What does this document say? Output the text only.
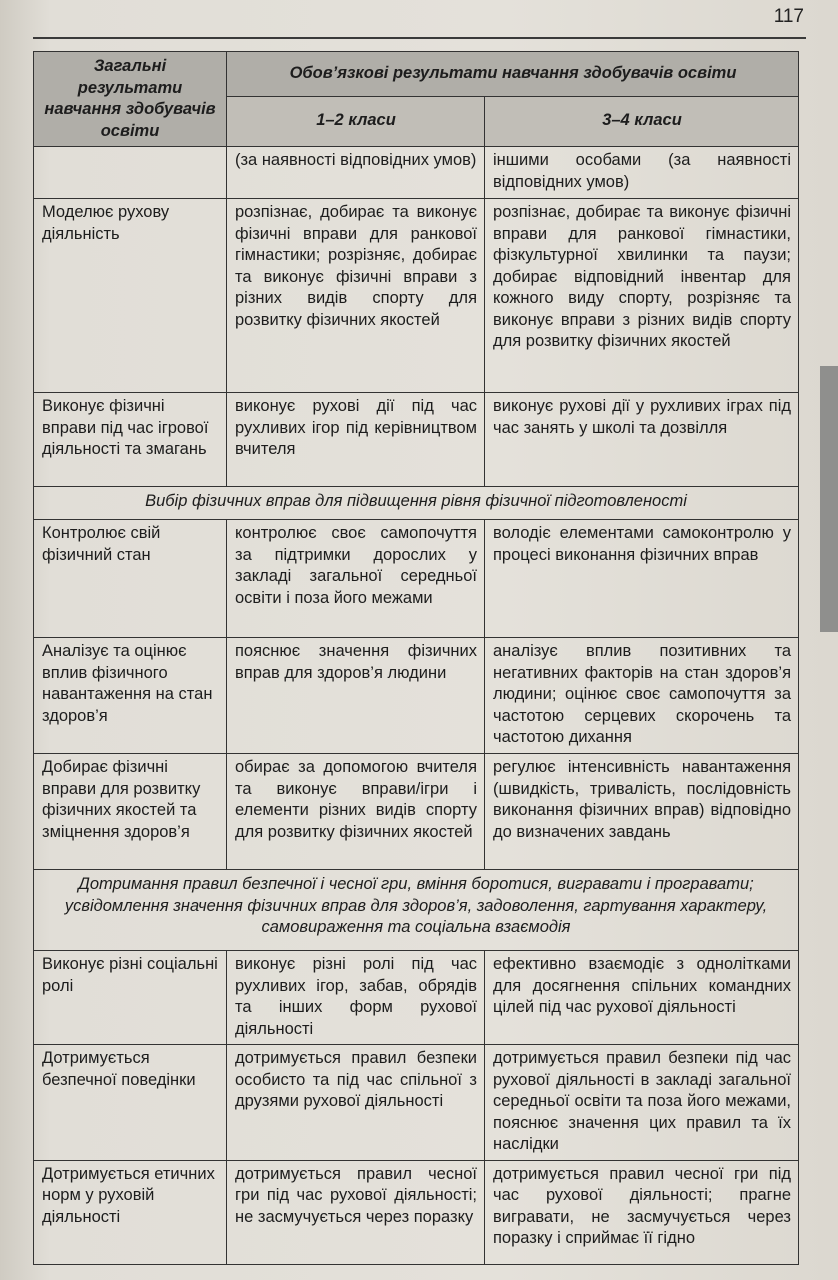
117
Загальні результати навчання здобувачів освіти	Обов’язкові результати навчання здобувачів освіти	
	1–2 класи	3–4 класи
	(за наявності відповідних умов)	іншими особами (за наявності відповідних умов)
Моделює рухову діяльність	розпізнає, добирає та виконує фізичні вправи для ранкової гімнастики; розрізняє, добирає та виконує фізичні вправи з різних видів спорту для розвитку фізичних якостей	розпізнає, добирає та виконує фізичні вправи для ранкової гімнастики, фізкультурної хвилинки та паузи; добирає відповідний інвентар для кожного виду спорту, розрізняє та виконує вправи з різних видів спорту для розвитку фізичних якостей
Виконує фізичні вправи під час ігрової діяльності та змагань	виконує рухові дії під час рухливих ігор під керівництвом вчителя	виконує рухові дії у рухливих іграх під час занять у школі та дозвілля
Вибір фізичних вправ для підвищення рівня фізичної підготовленості		
Контролює свій фізичний стан	контролює своє самопочуття за підтримки дорослих у закладі загальної середньої освіти і поза його межами	володіє елементами самоконтролю у процесі виконання фізичних вправ
Аналізує та оцінює вплив фізичного навантаження на стан здоров’я	пояснює значення фізичних вправ для здоров’я людини	аналізує вплив позитивних та негативних факторів на стан здоров’я людини; оцінює своє самопочуття за частотою серцевих скорочень та частотою дихання
Добирає фізичні вправи для розвитку фізичних якостей та зміцнення здоров’я	обирає за допомогою вчителя та виконує вправи/ігри і елементи різних видів спорту для розвитку фізичних якостей	регулює інтенсивність навантаження (швидкість, тривалість, послідовність виконання фізичних вправ) відповідно до визначених завдань
Дотримання правил безпечної і чесної гри, вміння боротися, вигравати і програвати; усвідомлення значення фізичних вправ для здоров’я, задоволення, гартування характеру, самовираження та соціальна взаємодія		
Виконує різні соціальні ролі	виконує різні ролі під час рухливих ігор, забав, обрядів та інших форм рухової діяльності	ефективно взаємодіє з однолітками для досягнення спільних командних цілей під час рухової діяльності
Дотримується безпечної поведінки	дотримується правил безпеки особисто та під час спільної з друзями рухової діяльності	дотримується правил безпеки під час рухової діяльності в закладі загальної середньої освіти та поза його межами, пояснює значення цих правил та їх наслідки
Дотримується етичних норм у руховій діяльності	дотримується правил чесної гри під час рухової діяльності; не засмучується через поразку	дотримується правил чесної гри під час рухової діяльності; прагне вигравати, не засмучується через поразку і сприймає її гідно
